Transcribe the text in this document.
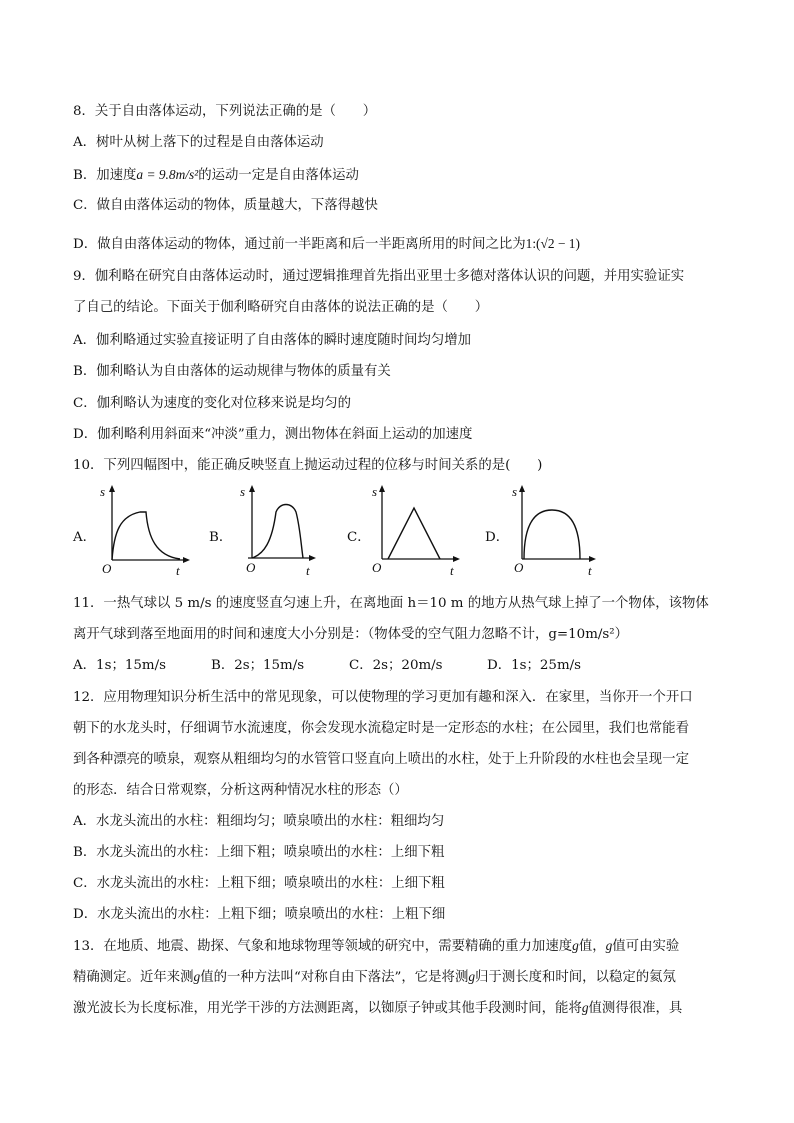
8．关于自由落体运动，下列说法正确的是（　　）
A．树叶从树上落下的过程是自由落体运动
B．加速度a = 9.8m/s²的运动一定是自由落体运动
C．做自由落体运动的物体，质量越大，下落得越快
D．做自由落体运动的物体，通过前一半距离和后一半距离所用的时间之比为1:(√2 − 1)
9．伽利略在研究自由落体运动时，通过逻辑推理首先指出亚里士多德对落体认识的问题，并用实验证实
了自己的结论。下面关于伽利略研究自由落体的说法正确的是（　　）
A．伽利略通过实验直接证明了自由落体的瞬时速度随时间均匀增加
B．伽利略认为自由落体的运动规律与物体的质量有关
C．伽利略认为速度的变化对位移来说是均匀的
D．伽利略利用斜面来“冲淡”重力，测出物体在斜面上运动的加速度
10．下列四幅图中，能正确反映竖直上抛运动过程的位移与时间关系的是(　　)
A．
s
O	t
B．
s
O	t
C．
s
O	t
D．
s
O	t
11．一热气球以 5 m/s 的速度竖直匀速上升，在离地面 h＝10 m 的地方从热气球上掉了一个物体，该物体
离开气球到落至地面用的时间和速度大小分别是：（物体受的空气阻力忽略不计，g=10m/s²）
A．1s；15m/s	B．2s；15m/s	C．2s；20m/s	D．1s；25m/s
12．应用物理知识分析生活中的常见现象，可以使物理的学习更加有趣和深入．在家里，当你开一个开口
朝下的水龙头时，仔细调节水流速度，你会发现水流稳定时是一定形态的水柱；在公园里，我们也常能看
到各种漂亮的喷泉，观察从粗细均匀的水管管口竖直向上喷出的水柱，处于上升阶段的水柱也会呈现一定
的形态．结合日常观察，分析这两种情况水柱的形态（）
A．水龙头流出的水柱：粗细均匀；喷泉喷出的水柱：粗细均匀
B．水龙头流出的水柱：上细下粗；喷泉喷出的水柱：上细下粗
C．水龙头流出的水柱：上粗下细；喷泉喷出的水柱：上细下粗
D．水龙头流出的水柱：上粗下细；喷泉喷出的水柱：上粗下细
13．在地质、地震、勘探、气象和地球物理等领域的研究中，需要精确的重力加速度g值，g值可由实验
精确测定。近年来测g值的一种方法叫“对称自由下落法”，它是将测g归于测长度和时间，以稳定的氦氖
激光波长为长度标准，用光学干涉的方法测距离，以铷原子钟或其他手段测时间，能将g值测得很准，具
